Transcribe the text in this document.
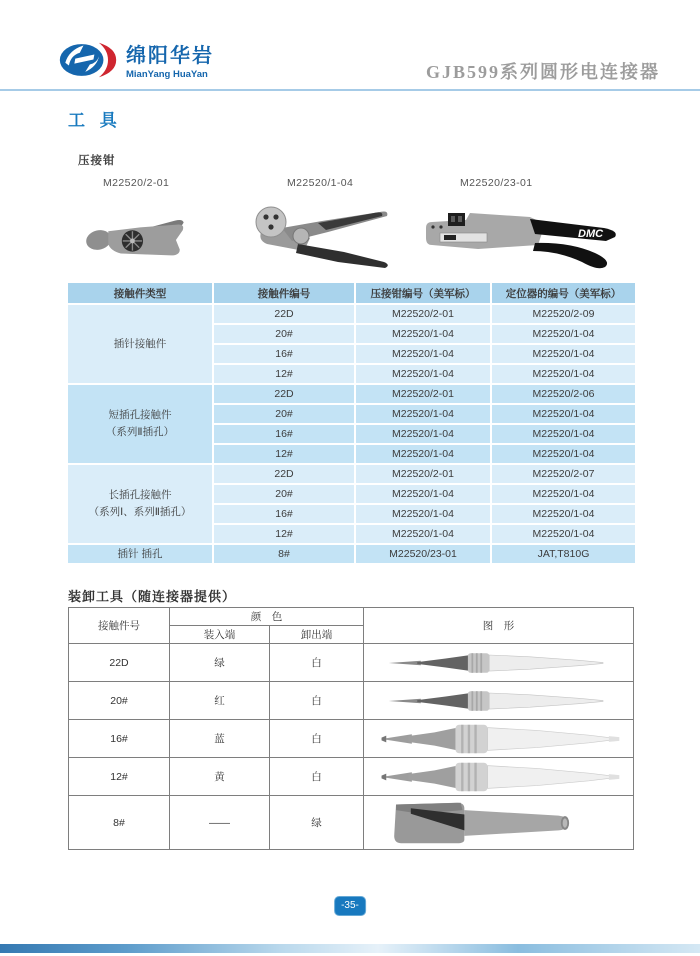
绵阳华岩
MianYang HuaYan	GJB599系列圆形电连接器
工 具
压接钳
M22520/2-01	M22520/1-04	M22520/23-01
DMC
接触件类型	接触件编号	压接钳编号（美军标）	定位器的编号（美军标）

插针接触件	22D	M22520/2-01	M22520/2-09
	20#	M22520/1-04	M22520/1-04
	16#	M22520/1-04	M22520/1-04
	12#	M22520/1-04	M22520/1-04

短插孔接触件
（系列Ⅱ插孔）	22D	M22520/2-01	M22520/2-06
	20#	M22520/1-04	M22520/1-04
	16#	M22520/1-04	M22520/1-04
	12#	M22520/1-04	M22520/1-04

长插孔接触件
（系列Ⅰ、系列Ⅱ插孔）	22D	M22520/2-01	M22520/2-07
	20#	M22520/1-04	M22520/1-04
	16#	M22520/1-04	M22520/1-04
	12#	M22520/1-04	M22520/1-04

插针 插孔	8#	M22520/23-01	JAT,T810G
装卸工具（随连接器提供）
接触件号	颜　色		图　形
	装入端	卸出端	
22D	绿	白	

20#	红	白	

16#	蓝	白	

12#	黄	白	

8#	——	绿	
-35-
